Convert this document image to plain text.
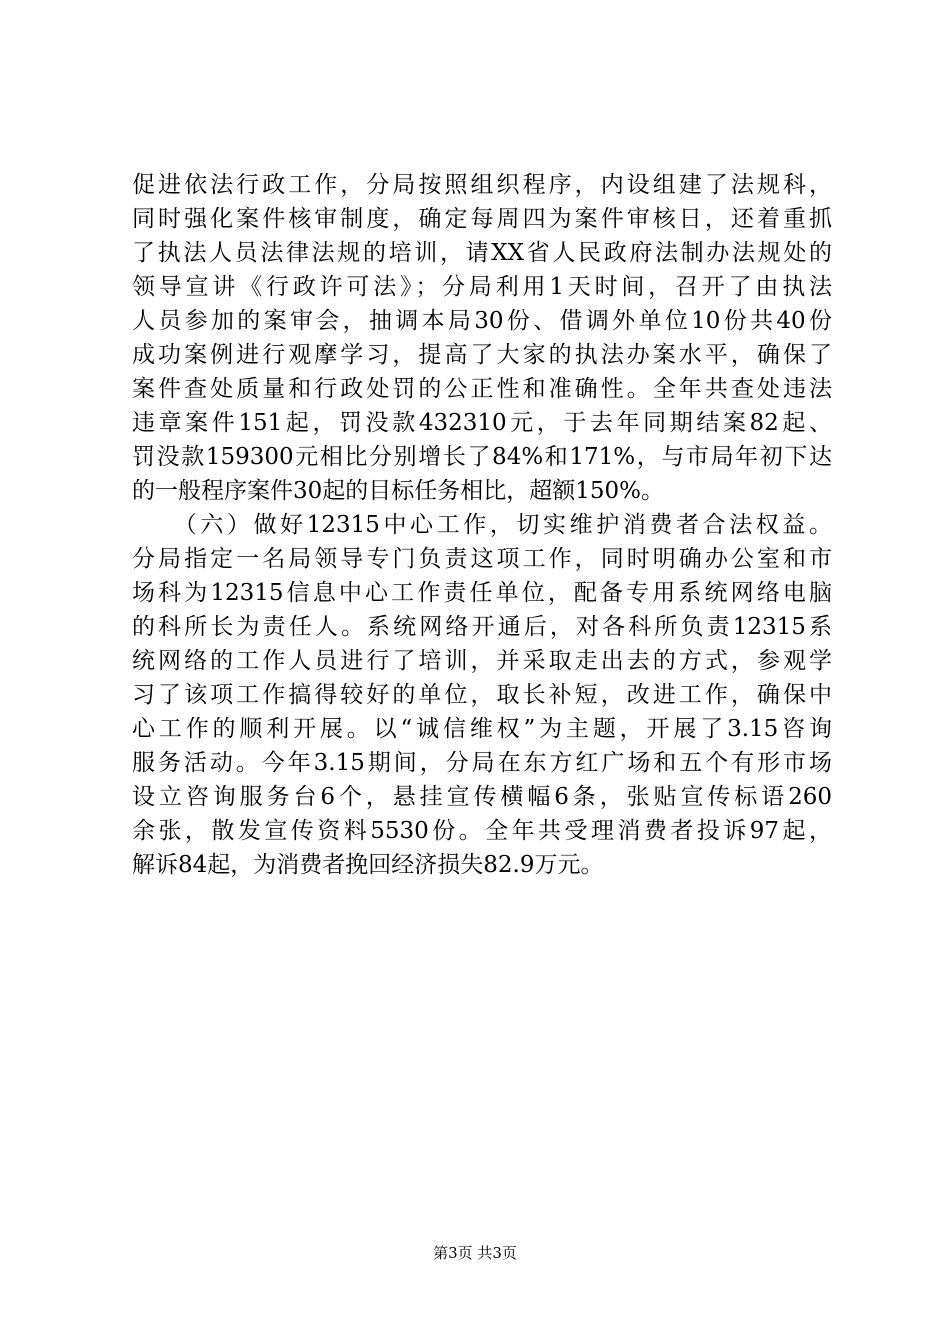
促进依法行政工作，分局按照组织程序，内设组建了法规科，
同时强化案件核审制度，确定每周四为案件审核日，还着重抓
了执法人员法律法规的培训，请XX省人民政府法制办法规处的
领导宣讲《行政许可法》；分局利用1天时间，召开了由执法
人员参加的案审会，抽调本局30份、借调外单位10份共40份
成功案例进行观摩学习，提高了大家的执法办案水平，确保了
案件查处质量和行政处罚的公正性和准确性。全年共查处违法
违章案件151起，罚没款432310元，于去年同期结案82起、
罚没款159300元相比分别增长了84%和171%，与市局年初下达
的一般程序案件30起的目标任务相比，超额150%。
　　（六）做好12315中心工作，切实维护消费者合法权益。
分局指定一名局领导专门负责这项工作，同时明确办公室和市
场科为12315信息中心工作责任单位，配备专用系统网络电脑
的科所长为责任人。系统网络开通后，对各科所负责12315系
统网络的工作人员进行了培训，并采取走出去的方式，参观学
习了该项工作搞得较好的单位，取长补短，改进工作，确保中
心工作的顺利开展。以“诚信维权”为主题，开展了3.15咨询
服务活动。今年3.15期间，分局在东方红广场和五个有形市场
设立咨询服务台6个，悬挂宣传横幅6条，张贴宣传标语260
余张，散发宣传资料5530份。全年共受理消费者投诉97起，
解诉84起，为消费者挽回经济损失82.9万元。
第3页 共3页
